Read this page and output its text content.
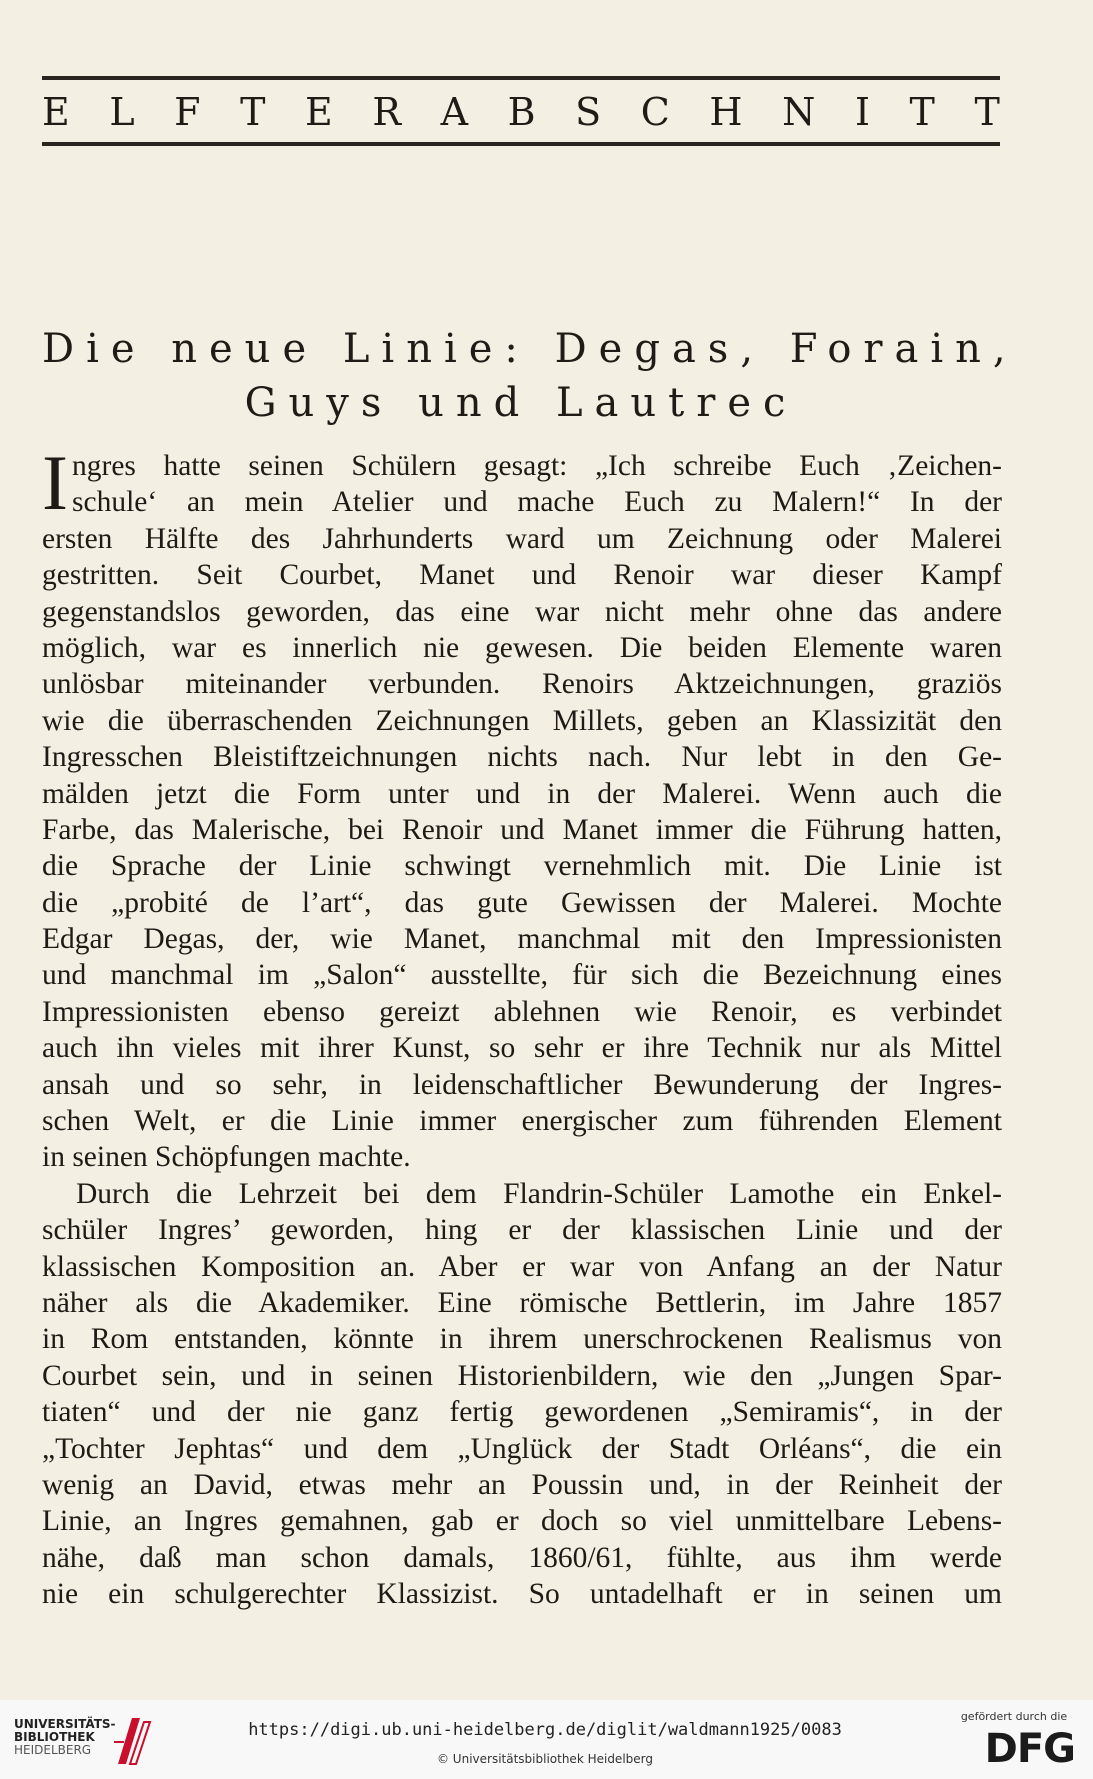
E L F T E R A B S C H N I T T
Die neue Linie: Degas, Forain,
Guys und Lautrec
I ngres hatte seinen Schülern gesagt: „Ich schreibe Euch ‚Zeichen-
schule‘ an mein Atelier und mache Euch zu Malern!“ In der
ersten Hälfte des Jahrhunderts ward um Zeichnung oder Malerei
gestritten. Seit Courbet, Manet und Renoir war dieser Kampf
gegenstandslos geworden, das eine war nicht mehr ohne das andere
möglich, war es innerlich nie gewesen. Die beiden Elemente waren
unlösbar miteinander verbunden. Renoirs Aktzeichnungen, graziös
wie die überraschenden Zeichnungen Millets, geben an Klassizität den
Ingresschen Bleistiftzeichnungen nichts nach. Nur lebt in den Ge-
mälden jetzt die Form unter und in der Malerei. Wenn auch die
Farbe, das Malerische, bei Renoir und Manet immer die Führung hatten,
die Sprache der Linie schwingt vernehmlich mit. Die Linie ist
die „probité de l’art“, das gute Gewissen der Malerei. Mochte
Edgar Degas, der, wie Manet, manchmal mit den Impressionisten
und manchmal im „Salon“ ausstellte, für sich die Bezeichnung eines
Impressionisten ebenso gereizt ablehnen wie Renoir, es verbindet
auch ihn vieles mit ihrer Kunst, so sehr er ihre Technik nur als Mittel
ansah und so sehr, in leidenschaftlicher Bewunderung der Ingres-
schen Welt, er die Linie immer energischer zum führenden Element
in seinen Schöpfungen machte.
Durch die Lehrzeit bei dem Flandrin-Schüler Lamothe ein Enkel-
schüler Ingres’ geworden, hing er der klassischen Linie und der
klassischen Komposition an. Aber er war von Anfang an der Natur
näher als die Akademiker. Eine römische Bettlerin, im Jahre 1857
in Rom entstanden, könnte in ihrem unerschrockenen Realismus von
Courbet sein, und in seinen Historienbildern, wie den „Jungen Spar-
tiaten“ und der nie ganz fertig gewordenen „Semiramis“, in der
„Tochter Jephtas“ und dem „Unglück der Stadt Orléans“, die ein
wenig an David, etwas mehr an Poussin und, in der Reinheit der
Linie, an Ingres gemahnen, gab er doch so viel unmittelbare Lebens-
nähe, daß man schon damals, 1860/61, fühlte, aus ihm werde
nie ein schulgerechter Klassizist. So untadelhaft er in seinen um
UNIVERSITÄTS-
BIBLIOTHEK
HEIDELBERG
https://digi.ub.uni-heidelberg.de/diglit/waldmann1925/0083
© Universitätsbibliothek Heidelberg
gefördert durch die
DFG
